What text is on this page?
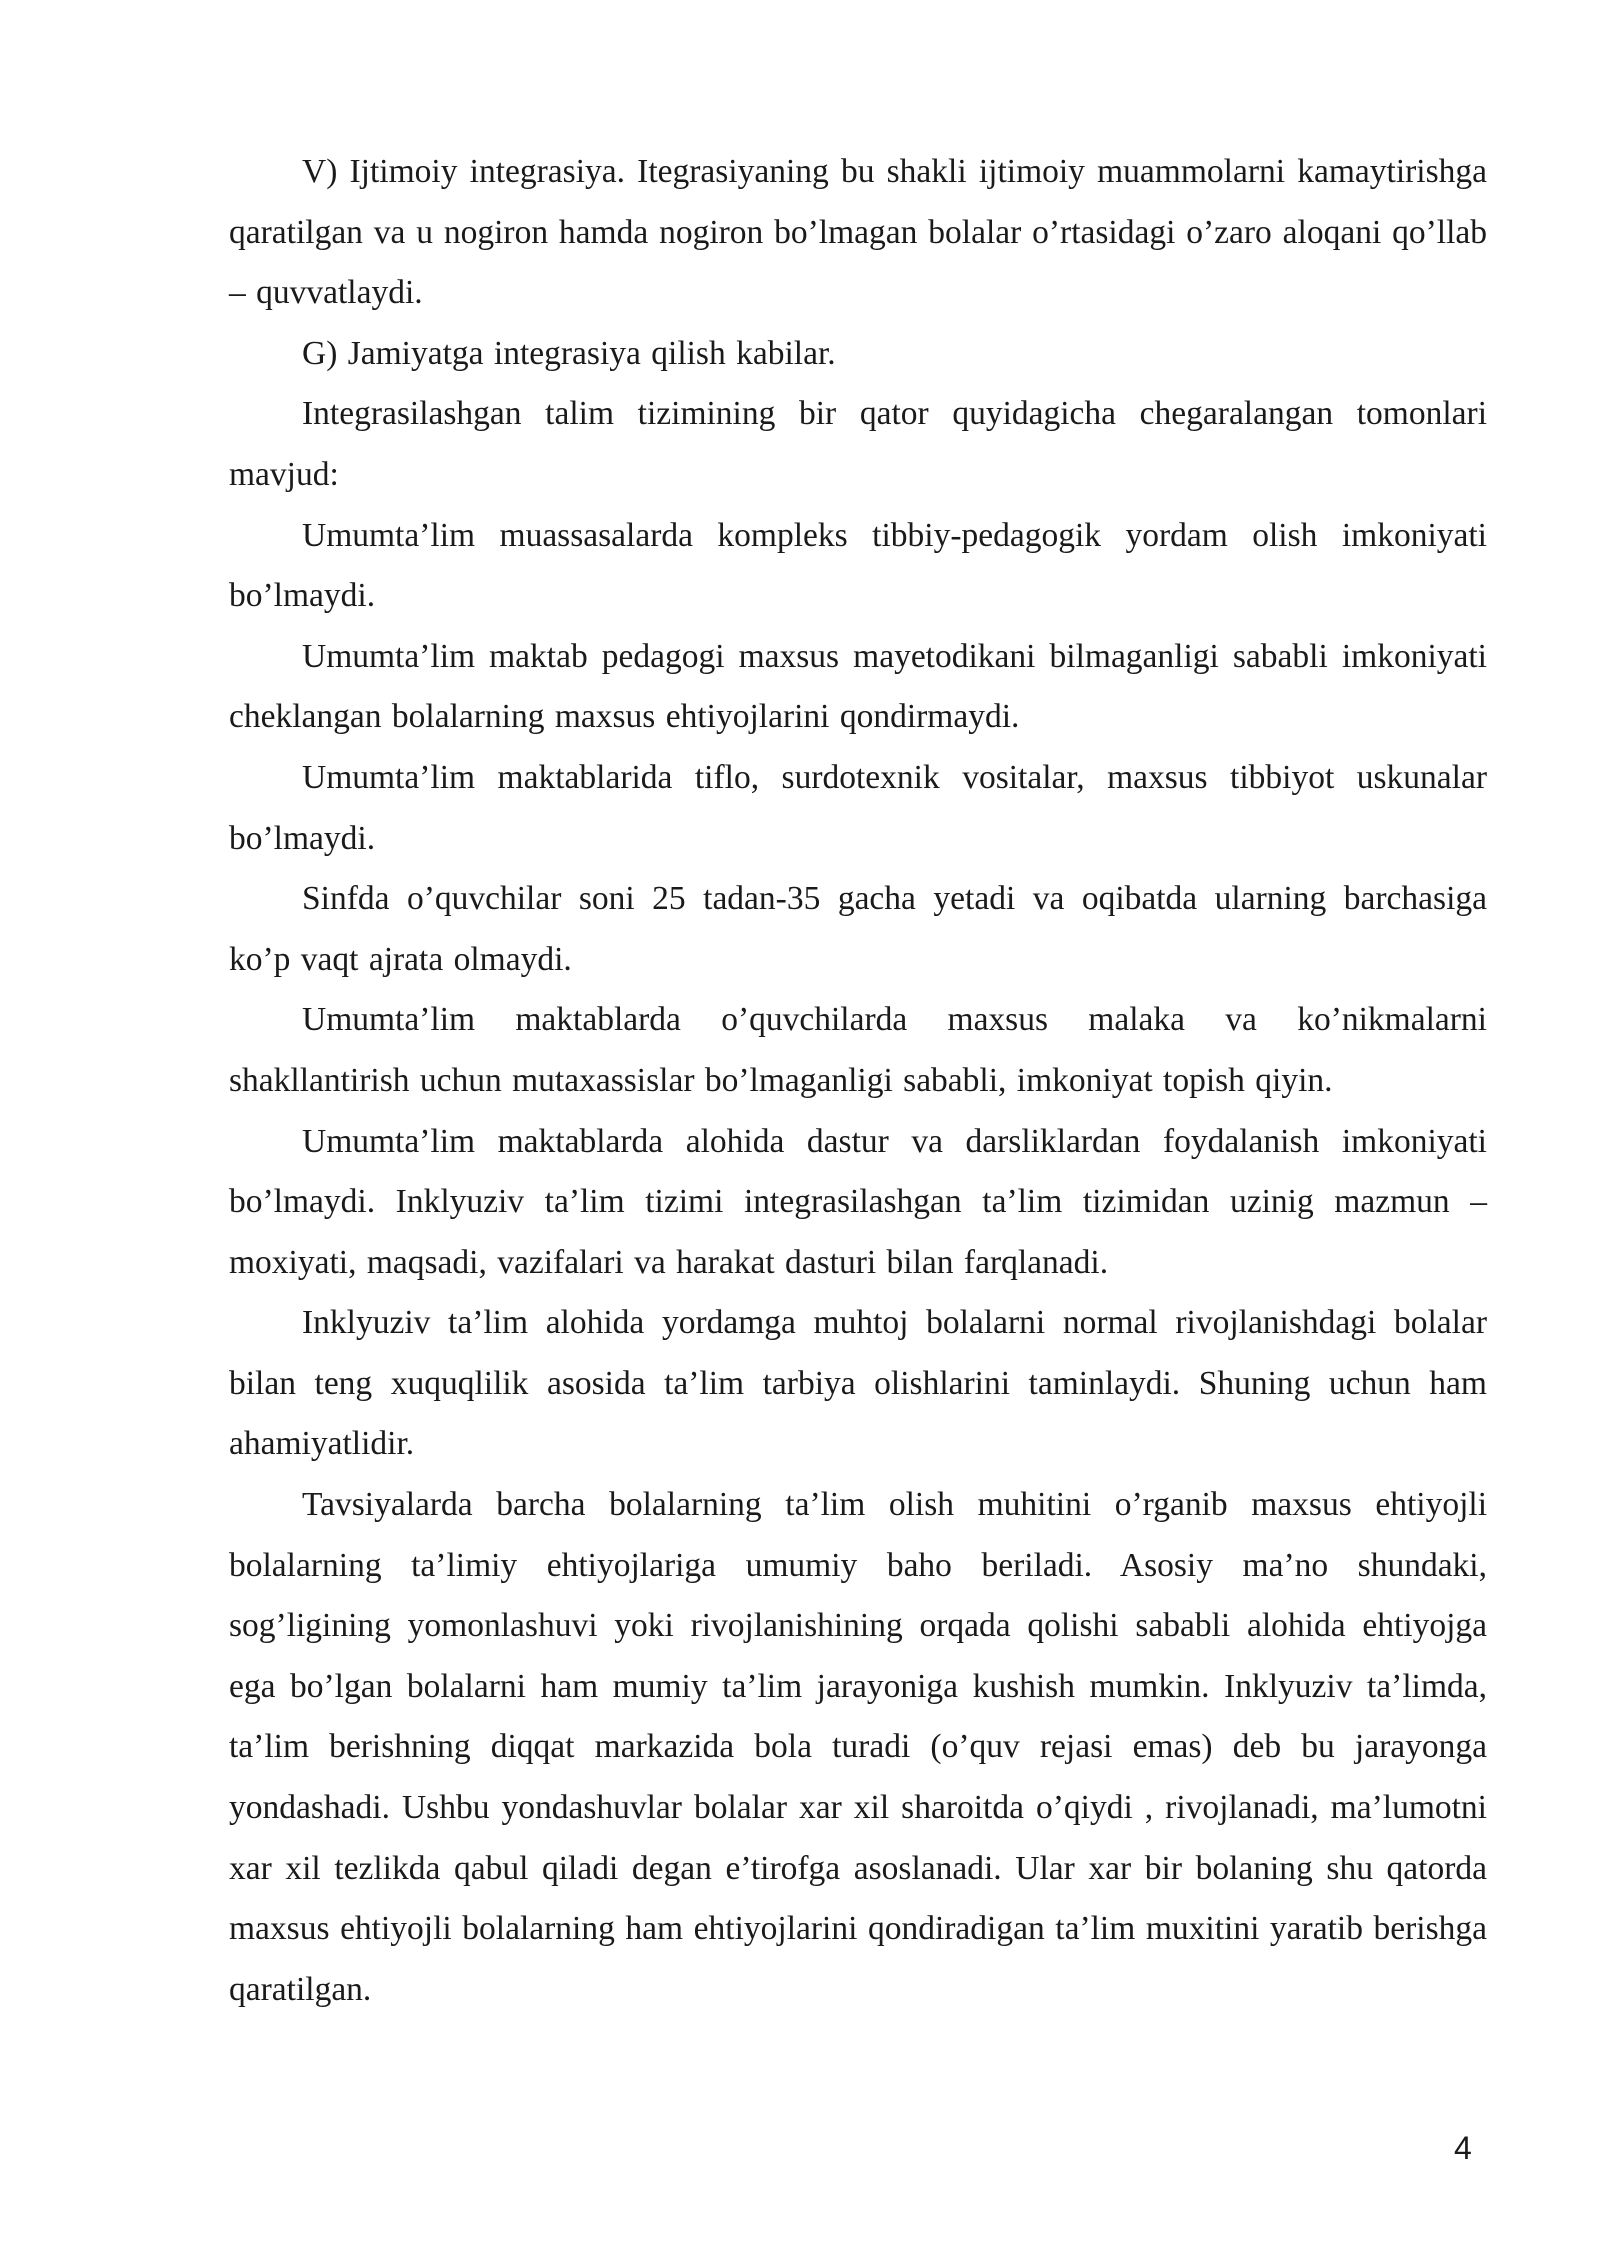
V) Ijtimoiy integrasiya. Itegrasiyaning bu shakli ijtimoiy muammolarni kamaytirishga qaratilgan va u nogiron hamda nogiron bo’lmagan bolalar o’rtasidagi o’zaro aloqani qo’llab – quvvatlaydi.

G) Jamiyatga integrasiya qilish kabilar.

Integrasilashgan talim tizimining bir qator quyidagicha chegaralangan tomonlari mavjud:

Umumta’lim muassasalarda kompleks tibbiy-pedagogik yordam olish imkoniyati bo’lmaydi.

Umumta’lim maktab pedagogi maxsus mayetodikani bilmaganligi sababli imkoniyati cheklangan bolalarning maxsus ehtiyojlarini qondirmaydi.

Umumta’lim maktablarida tiflo, surdotexnik vositalar, maxsus tibbiyot uskunalar bo’lmaydi.

Sinfda o’quvchilar soni 25 tadan-35 gacha yetadi va oqibatda ularning barchasiga ko’p vaqt ajrata olmaydi.

Umumta’lim maktablarda o’quvchilarda maxsus malaka va ko’nikmalarni shakllantirish uchun mutaxassislar bo’lmaganligi sababli, imkoniyat topish qiyin.

Umumta’lim maktablarda alohida dastur va darsliklardan foydalanish imkoniyati bo’lmaydi. Inklyuziv ta’lim tizimi integrasilashgan ta’lim tizimidan uzinig mazmun – moxiyati, maqsadi, vazifalari va harakat dasturi bilan farqlanadi.

Inklyuziv ta’lim alohida yordamga muhtoj bolalarni normal rivojlanishdagi bolalar bilan teng xuquqlilik asosida ta’lim tarbiya olishlarini taminlaydi. Shuning uchun ham ahamiyatlidir.

Tavsiyalarda barcha bolalarning ta’lim olish muhitini o’rganib maxsus ehtiyojli bolalarning ta’limiy ehtiyojlariga umumiy baho beriladi. Asosiy ma’no shundaki, sog’ligining yomonlashuvi yoki rivojlanishining orqada qolishi sababli alohida ehtiyojga ega bo’lgan bolalarni ham mumiy ta’lim jarayoniga kushish mumkin. Inklyuziv ta’limda, ta’lim berishning diqqat markazida bola turadi (o’quv rejasi emas) deb bu jarayonga yondashadi. Ushbu yondashuvlar bolalar xar xil sharoitda o’qiydi , rivojlanadi, ma’lumotni xar xil tezlikda qabul qiladi degan e’tirofga asoslanadi. Ular xar bir bolaning shu qatorda maxsus ehtiyojli bolalarning ham ehtiyojlarini qondiradigan ta’lim muxitini yaratib berishga qaratilgan.

4
